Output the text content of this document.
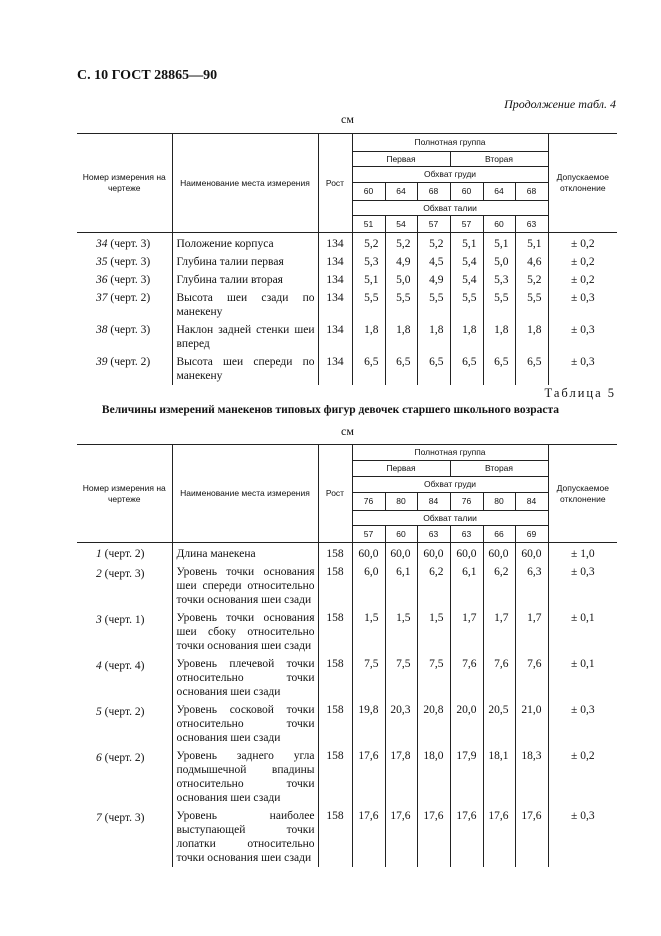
С. 10 ГОСТ 28865—90
Продолжение табл. 4
см
Номер измерения на чертеже	Наименование места измерения	Рост	Полнотная группа						Допускаемое отклонение
			Первая			Вторая			
			Обхват груди						
			60	64	68	60	64	68	
			Обхват талии						
			51	54	57	57	60	63	
34 (черт. 3)	Положение корпуса	134	5,2	5,2	5,2	5,1	5,1	5,1	± 0,2
35 (черт. 3)	Глубина талии первая	134	5,3	4,9	4,5	5,4	5,0	4,6	± 0,2
36 (черт. 3)	Глубина талии вторая	134	5,1	5,0	4,9	5,4	5,3	5,2	± 0,2
37 (черт. 2)	Высота шеи сзади по манекену	134	5,5	5,5	5,5	5,5	5,5	5,5	± 0,3
38 (черт. 3)	Наклон задней стенки шеи вперед	134	1,8	1,8	1,8	1,8	1,8	1,8	± 0,3
39 (черт. 2)	Высота шеи спереди по манекену	134	6,5	6,5	6,5	6,5	6,5	6,5	± 0,3
Таблица 5
Величины измерений манекенов типовых фигур девочек старшего школьного возраста
см
Номер измерения на чертеже	Наименование места измерения	Рост	Полнотная группа						Допускаемое отклонение
			Первая			Вторая			
			Обхват груди						
			76	80	84	76	80	84	
			Обхват талии						
			57	60	63	63	66	69	
1 (черт. 2)	Длина манекена	158	60,0	60,0	60,0	60,0	60,0	60,0	± 1,0
2 (черт. 3)	Уровень точки основания шеи спереди относительно точки основания шеи сзади	158	6,0	6,1	6,2	6,1	6,2	6,3	± 0,3
3 (черт. 1)	Уровень точки основания шеи сбоку относительно точки основания шеи сзади	158	1,5	1,5	1,5	1,7	1,7	1,7	± 0,1
4 (черт. 4)	Уровень плечевой точки относительно точки основания шеи сзади	158	7,5	7,5	7,5	7,6	7,6	7,6	± 0,1
5 (черт. 2)	Уровень сосковой точки относительно точки основания шеи сзади	158	19,8	20,3	20,8	20,0	20,5	21,0	± 0,3
6 (черт. 2)	Уровень заднего угла подмышечной впадины относительно точки основания шеи сзади	158	17,6	17,8	18,0	17,9	18,1	18,3	± 0,2
7 (черт. 3)	Уровень наиболее выступающей точки лопатки относительно точки основания шеи сзади	158	17,6	17,6	17,6	17,6	17,6	17,6	± 0,3
